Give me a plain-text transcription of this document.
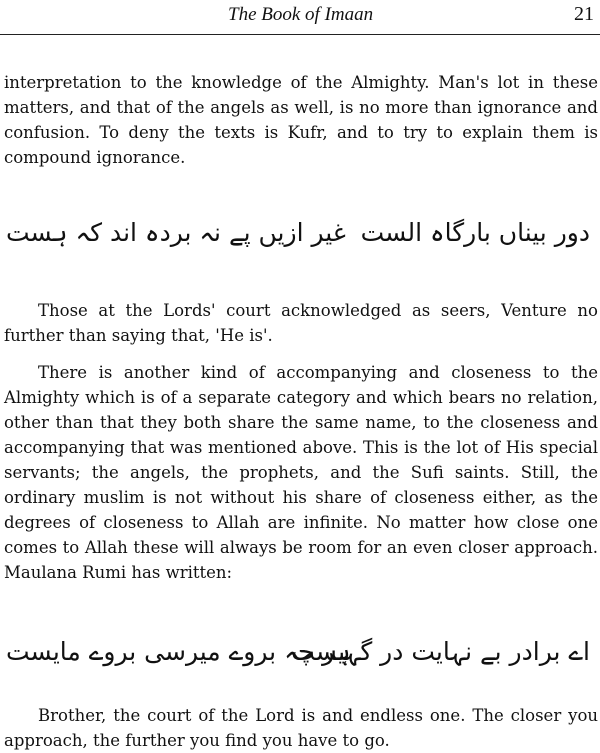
The Book of Imaan	21

interpretation to the knowledge of the Almighty. Man's lot in these matters, and that of the angels as well, is no more than ignorance and confusion. To deny the texts is Kufr, and to try to explain them is compound ignorance.

دور بیناں بارگاہ الست
غیر ازیں پے نہ بردہ اند کہ ہست

Those at the Lords' court acknowledged as seers, Venture no further than saying that, 'He is'.

There is another kind of accompanying and closeness to the Almighty which is of a separate category and which bears no relation, other than that they both share the same name, to the closeness and accompanying that was mentioned above. This is the lot of His special servants; the angels, the prophets, and the Sufi saints. Still, the ordinary muslim is not without his share of closeness either, as the degrees of closeness to Allah are infinite. No matter how close one comes to Allah these will always be room for an even closer approach. Maulana Rumi has written:

اے برادر بے نہایت در گہیست
ہر چہ بروے میرسی بروے مایست

Brother, the court of the Lord is and endless one. The closer you approach, the further you find you have to go.
